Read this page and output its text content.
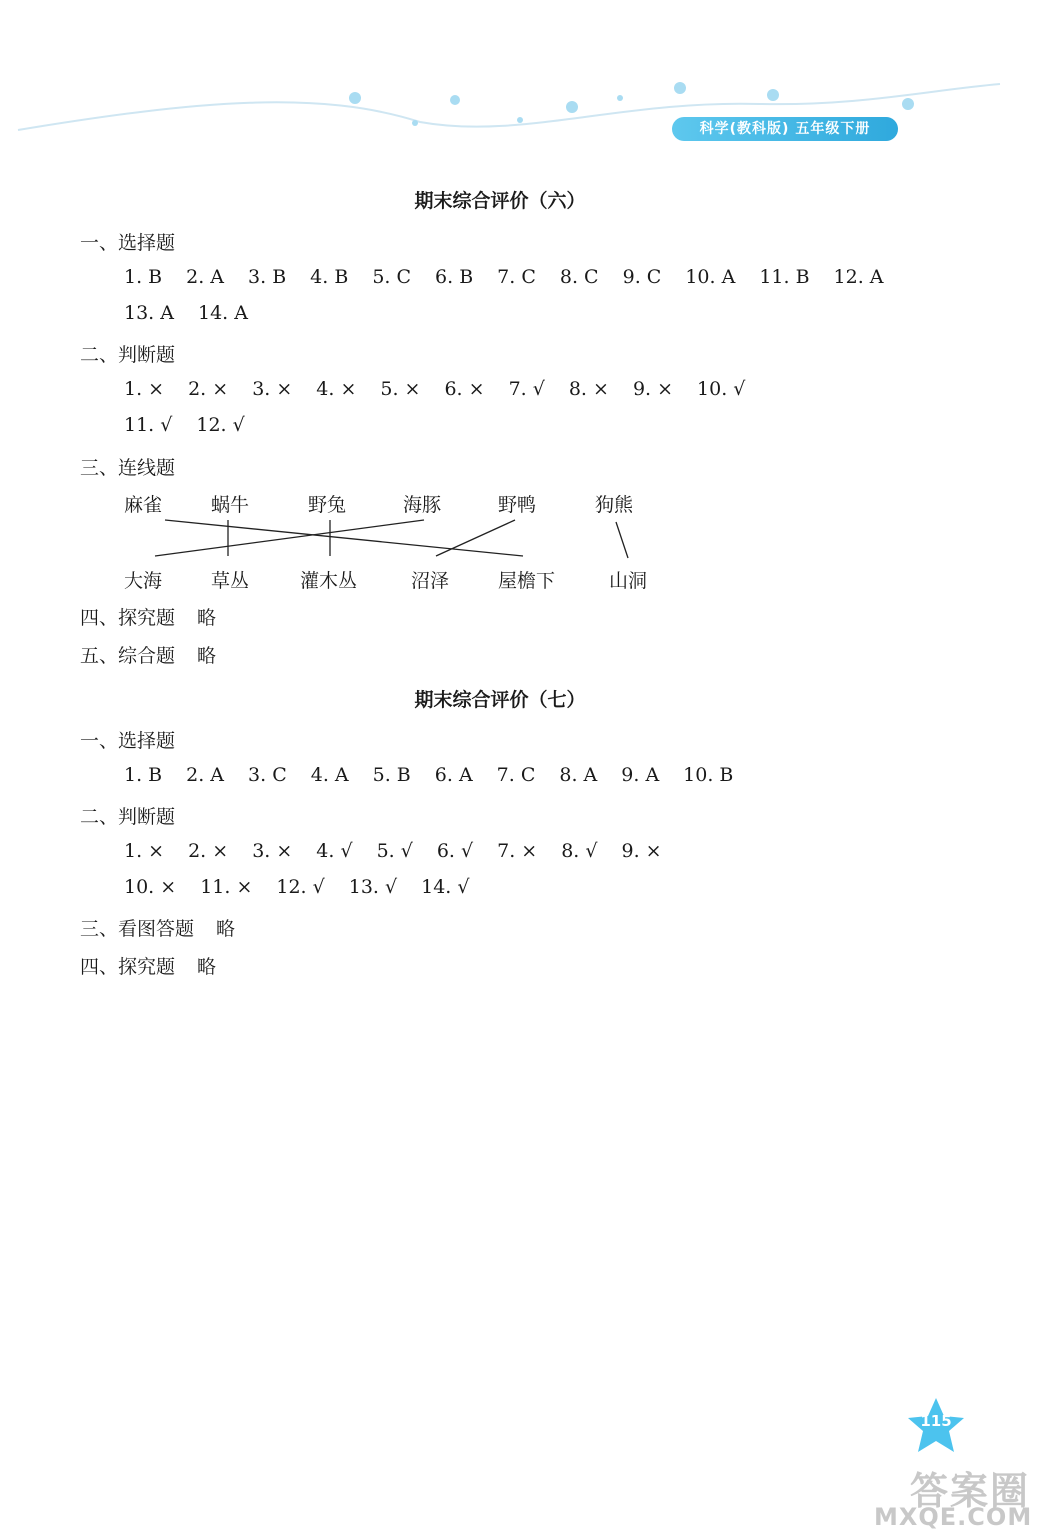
科学(教科版) 五年级下册
期末综合评价（六）
一、选择题
1. B 2. A 3. B 4. B 5. C 6. B 7. C 8. C 9. C 10. A 11. B 12. A
13. A 14. A
二、判断题
1. × 2. × 3. × 4. × 5. × 6. × 7. √ 8. × 9. × 10. √
11. √ 12. √
三、连线题
麻雀	蜗牛	野兔	海豚	野鸭	狗熊
大海	草丛	灌木丛	沼泽	屋檐下	山洞
四、探究题 略
五、综合题 略
期末综合评价（七）
一、选择题
1. B 2. A 3. C 4. A 5. B 6. A 7. C 8. A 9. A 10. B
二、判断题
1. × 2. × 3. × 4. √ 5. √ 6. √ 7. × 8. √ 9. ×
10. × 11. × 12. √ 13. √ 14. √
三、看图答题 略
四、探究题 略
115
答案圈
MXQE.COM
